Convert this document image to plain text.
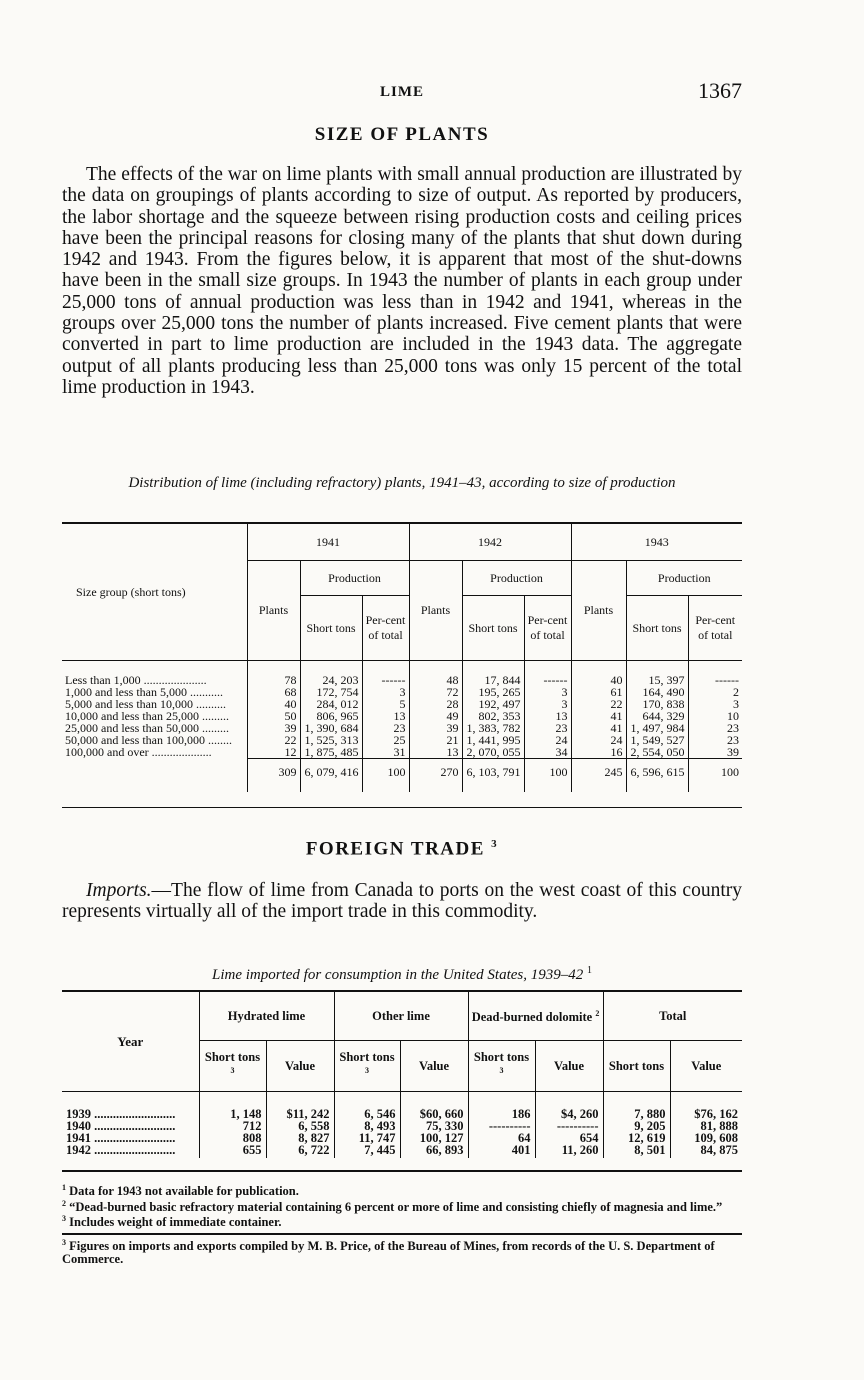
LIME	1367
SIZE OF PLANTS
The effects of the war on lime plants with small annual production are illustrated by the data on groupings of plants according to size of output. As reported by producers, the labor shortage and the squeeze between rising production costs and ceiling prices have been the principal reasons for closing many of the plants that shut down during 1942 and 1943. From the figures below, it is apparent that most of the shut-downs have been in the small size groups. In 1943 the number of plants in each group under 25,000 tons of annual production was less than in 1942 and 1941, whereas in the groups over 25,000 tons the number of plants increased. Five cement plants that were converted in part to lime production are included in the 1943 data. The aggregate output of all plants producing less than 25,000 tons was only 15 percent of the total lime production in 1943.
Distribution of lime (including refractory) plants, 1941–43, according to size of production
Size group (short tons)	1941			1942			1943		
	Plants	Production		Plants	Production		Plants	Production	
		Short tons	Per-cent of total		Short tons	Per-cent of total		Short tons	Per-cent of total
Less than 1,000 .....................	78	24, 203	------	48	17, 844	------	40	15, 397	------
1,000 and less than 5,000 ...........	68	172, 754	3	72	195, 265	3	61	164, 490	2
5,000 and less than 10,000 ..........	40	284, 012	5	28	192, 497	3	22	170, 838	3
10,000 and less than 25,000 .........	50	806, 965	13	49	802, 353	13	41	644, 329	10
25,000 and less than 50,000 .........	39	1, 390, 684	23	39	1, 383, 782	23	41	1, 497, 984	23
50,000 and less than 100,000 ........	22	1, 525, 313	25	21	1, 441, 995	24	24	1, 549, 527	23
100,000 and over ....................	12	1, 875, 485	31	13	2, 070, 055	34	16	2, 554, 050	39
	309	6, 079, 416	100	270	6, 103, 791	100	245	6, 596, 615	100
FOREIGN TRADE $^3$
Imports.—The flow of lime from Canada to ports on the west coast of this country represents virtually all of the import trade in this commodity.
Lime imported for consumption in the United States, 1939–42 $^1$
Year	Hydrated lime		Other lime		Dead-burned dolomite $^2$		Total	
	Short tons $^3$	Value	Short tons $^3$	Value	Short tons $^3$	Value	Short tons	Value
1939 ..........................	1, 148	$11, 242	6, 546	$60, 660	186	$4, 260	7, 880	$76, 162
1940 ..........................	712	6, 558	8, 493	75, 330	----------	----------	9, 205	81, 888
1941 ..........................	808	8, 827	11, 747	100, 127	64	654	12, 619	109, 608
1942 ..........................	655	6, 722	7, 445	66, 893	401	11, 260	8, 501	84, 875

$^1$ Data for 1943 not available for publication.

$^2$ “Dead-burned basic refractory material containing 6 percent or more of lime and consisting chiefly of magnesia and lime.”

$^3$ Includes weight of immediate container.

$^3$ Figures on imports and exports compiled by M. B. Price, of the Bureau of Mines, from records of the U. S. Department of Commerce.
